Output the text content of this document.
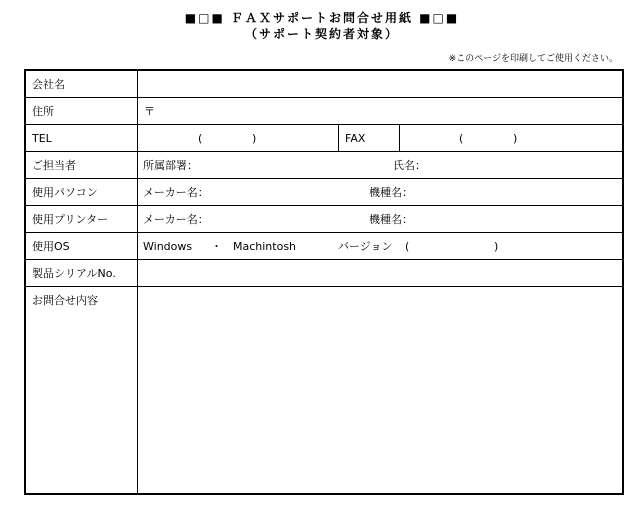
■□■ ＦＡＸサポートお問合せ用紙 ■□■
（サポート契約者対象）
※このページを印刷してご使用ください。
会社名
住所	〒
TEL	(	)	FAX	(	)
ご担当者	所属部署：	氏名：
使用パソコン	メーカー名：	機種名：
使用プリンター	メーカー名：	機種名：
使用OS	Windows ・ Machintosh	バージョン (	)
製品シリアルNo.
お問合せ内容
